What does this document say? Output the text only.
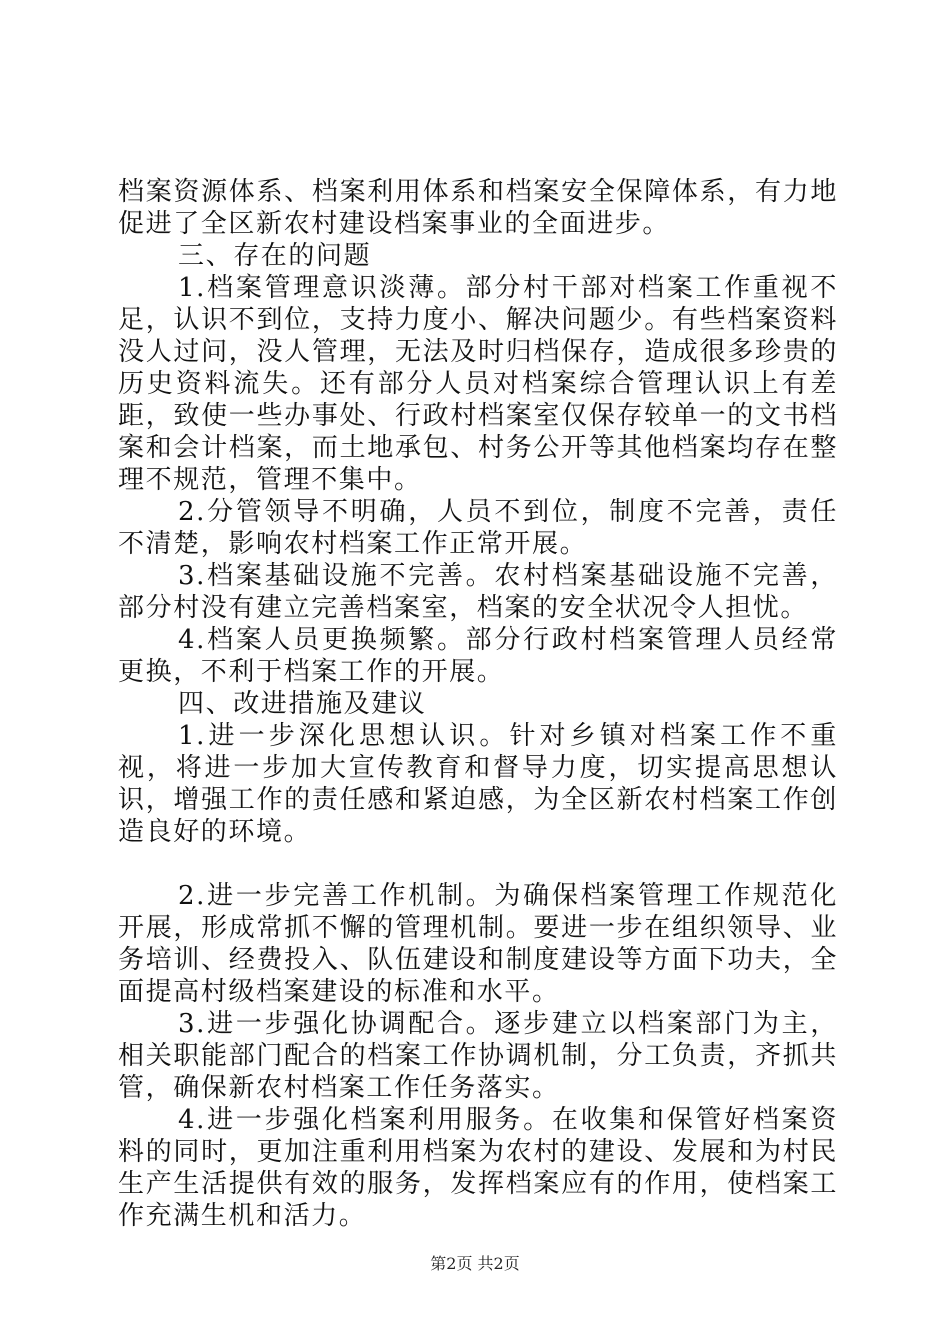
档案资源体系、档案利用体系和档案安全保障体系，有力地促进了全区新农村建设档案事业的全面进步。

三、存在的问题

1.档案管理意识淡薄。部分村干部对档案工作重视不足，认识不到位，支持力度小、解决问题少。有些档案资料没人过问，没人管理，无法及时归档保存，造成很多珍贵的历史资料流失。还有部分人员对档案综合管理认识上有差距，致使一些办事处、行政村档案室仅保存较单一的文书档案和会计档案，而土地承包、村务公开等其他档案均存在整理不规范，管理不集中。

2.分管领导不明确，人员不到位，制度不完善，责任不清楚，影响农村档案工作正常开展。

3.档案基础设施不完善。农村档案基础设施不完善，部分村没有建立完善档案室，档案的安全状况令人担忧。

4.档案人员更换频繁。部分行政村档案管理人员经常更换，不利于档案工作的开展。

四、改进措施及建议

1.进一步深化思想认识。针对乡镇对档案工作不重视，将进一步加大宣传教育和督导力度，切实提高思想认识，增强工作的责任感和紧迫感，为全区新农村档案工作创造良好的环境。

2.进一步完善工作机制。为确保档案管理工作规范化开展，形成常抓不懈的管理机制。要进一步在组织领导、业务培训、经费投入、队伍建设和制度建设等方面下功夫，全面提高村级档案建设的标准和水平。

3.进一步强化协调配合。逐步建立以档案部门为主，相关职能部门配合的档案工作协调机制，分工负责，齐抓共管，确保新农村档案工作任务落实。

4.进一步强化档案利用服务。在收集和保管好档案资料的同时，更加注重利用档案为农村的建设、发展和为村民生产生活提供有效的服务，发挥档案应有的作用，使档案工作充满生机和活力。

第2页 共2页
